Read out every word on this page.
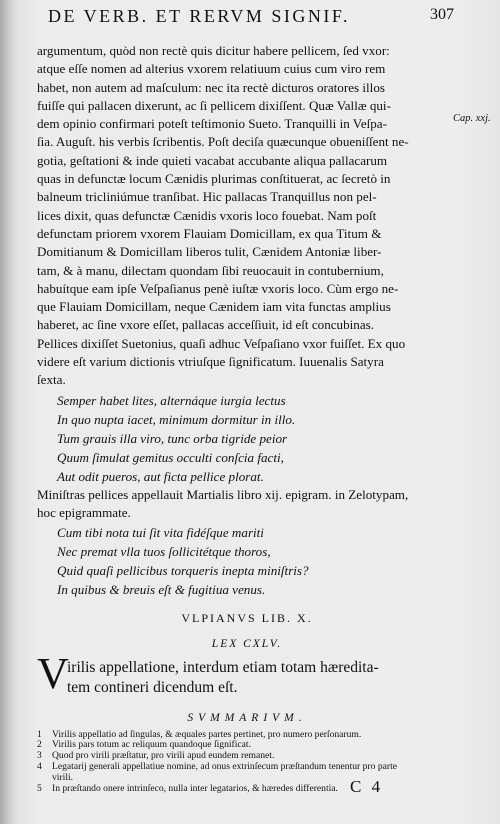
DE VERB. ET RERVM SIGNIF.	307
Cap. xxj.

argumentum, quòd non rectè quis dicitur habere pellicem, ſed vxor:
atque eſſe nomen ad alterius vxorem relatiuum cuius cum viro rem
habet, non autem ad maſculum: nec ita rectè dicturos oratores illos
fuiſſe qui pallacen dixerunt, ac ſi pellicem dixiſſent. Quæ Vallæ qui-
dem opinio confirmari poteſt teſtimonio Sueto. Tranquilli in Veſpa-
ſia. Auguſt. his verbis ſcribentis. Poſt deciſa quæcunque obueniſſent ne-
gotia, geſtationi & inde quieti vacabat accubante aliqua pallacarum
quas in defunctæ locum Cænidis plurimas conſtituerat, ac ſecretò in
balneum tricliniúmue tranſibat. Hic pallacas Tranquillus non pel-
lices dixit, quas defunctæ Cænidis vxoris loco fouebat. Nam poſt
defunctam priorem vxorem Flauiam Domicillam, ex qua Titum &
Domitianum & Domicillam liberos tulit, Cænidem Antoniæ liber-
tam, & à manu, dilectam quondam ſibi reuocauit in contubernium,
habuítque eam ipſe Veſpaſianus penè iuſtæ vxoris loco. Cùm ergo ne-
que Flauiam Domicillam, neque Cænidem iam vita functas amplius
haberet, ac ſine vxore eſſet, pallacas acceſſiuit, id eſt concubinas.
Pellices dixiſſet Suetonius, quaſi adhuc Veſpaſiano vxor fuiſſet. Ex quo
videre eſt varium dictionis vtriuſque ſignificatum. Iuuenalis Satyra
ſexta.

Semper habet lites, alternáque iurgia lectus
In quo nupta iacet, minimum dormitur in illo.
Tum grauis illa viro, tunc orba tigride peior
Quum ſimulat gemitus occulti conſcia facti,
Aut odit pueros, aut ficta pellice plorat.
Miniſtras pellices appellauit Martialis libro xij. epigram. in Zelotypam,
hoc epigrammate.
Cum tibi nota tui ſit vita fidéſque mariti
Nec premat vlla tuos ſollicitétque thoros,
Quid quaſi pellicibus torqueris inepta miniſtris?
In quibus & breuis eſt & fugitiua venus.
VLPIANVS LIB. X.
LEX CXLV.
V
irilis appellatione, interdum etiam totam hæredita-
tem contineri dicendum eſt.
SVMMARIVM.
1	Virilis appellatio ad ſingulas, & æquales partes pertinet, pro numero perſonarum.
2	Virilis pars totum ac reliquum quandoque ſignificat.
3	Quod pro virili præſtatur, pro virili apud eundem remanet.
4	Legatarij generali appellatiue nomine, ad onus extrinſecum præſtandum tenentur pro parte
virili.
5	In præſtando onere intrinſeco, nulla inter legatarios, & hæredes differentia. C 4
